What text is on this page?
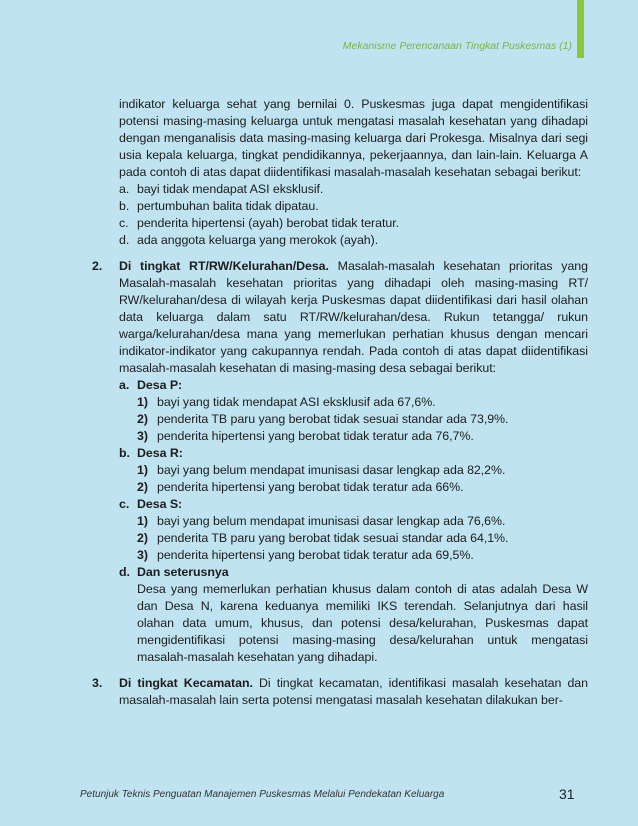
Mekanisme Perencanaan Tingkat Puskesmas (1)

indikator keluarga sehat yang bernilai 0. Puskesmas juga dapat mengidentifikasi potensi masing-masing keluarga untuk mengatasi masalah kesehatan yang dihadapi dengan menganalisis data masing-masing keluarga dari Prokesga. Misalnya dari segi usia kepala keluarga, tingkat pendidikannya, pekerjaannya, dan lain-lain. Keluarga A pada contoh di atas dapat diidentifikasi masalah-masalah kesehatan sebagai berikut:

a. bayi tidak mendapat ASI eksklusif.
b. pertumbuhan balita tidak dipatau.
c. penderita hipertensi (ayah) berobat tidak teratur.
d. ada anggota keluarga yang merokok (ayah).
2.	Di tingkat RT/RW/Kelurahan/Desa. Masalah-masalah kesehatan prioritas yang Masalah-masalah kesehatan prioritas yang dihadapi oleh masing-masing RT/ RW/kelurahan/desa di wilayah kerja Puskesmas dapat diidentifikasi dari hasil olahan data keluarga dalam satu RT/RW/kelurahan/desa. Rukun tetangga/ rukun warga/kelurahan/desa mana yang memerlukan perhatian khusus dengan mencari indikator-indikator yang cakupannya rendah. Pada contoh di atas dapat diidentifikasi masalah-masalah kesehatan di masing-masing desa sebagai berikut:

a. Desa P:
1) bayi yang tidak mendapat ASI eksklusif ada 67,6%.
2) penderita TB paru yang berobat tidak sesuai standar ada 73,9%.
3) penderita hipertensi yang berobat tidak teratur ada 76,7%.
b. Desa R:
1) bayi yang belum mendapat imunisasi dasar lengkap ada 82,2%.
2) penderita hipertensi yang berobat tidak teratur ada 66%.
c. Desa S:
1) bayi yang belum mendapat imunisasi dasar lengkap ada 76,6%.
2) penderita TB paru yang berobat tidak sesuai standar ada 64,1%.
3) penderita hipertensi yang berobat tidak teratur ada 69,5%.
d. Dan seterusnya

Desa yang memerlukan perhatian khusus dalam contoh di atas adalah Desa W dan Desa N, karena keduanya memiliki IKS terendah. Selanjutnya dari hasil olahan data umum, khusus, dan potensi desa/kelurahan, Puskesmas dapat mengidentifikasi potensi masing-masing desa/kelurahan untuk mengatasi masalah-masalah kesehatan yang dihadapi.

3.	Di tingkat Kecamatan. Di tingkat kecamatan, identifikasi masalah kesehatan dan masalah-masalah lain serta potensi mengatasi masalah kesehatan dilakukan ber-

Petunjuk Teknis Penguatan Manajemen Puskesmas Melalui Pendekatan Keluarga	31
